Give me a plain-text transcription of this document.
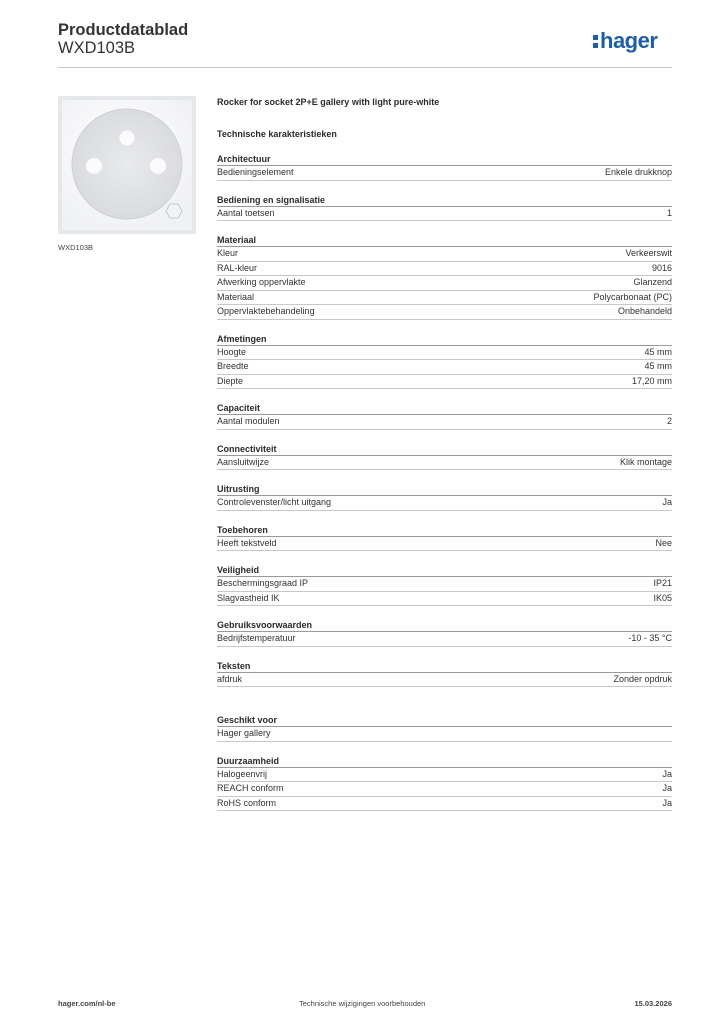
Productdatablad
WXD103B	hager
WXD103B
Rocker for socket 2P+E gallery with light pure-white
Technische karakteristieken
Architectuur
Bedieningselement	Enkele drukknop
Bediening en signalisatie
Aantal toetsen	1
Materiaal
Kleur	Verkeerswit
RAL-kleur	9016
Afwerking oppervlakte	Glanzend
Materiaal	Polycarbonaat (PC)
Oppervlaktebehandeling	Onbehandeld
Afmetingen
Hoogte	45 mm
Breedte	45 mm
Diepte	17,20 mm
Capaciteit
Aantal modulen	2
Connectiviteit
Aansluitwijze	Klik montage
Uitrusting
Controlevenster/licht uitgang	Ja
Toebehoren
Heeft tekstveld	Nee
Veiligheid
Beschermingsgraad IP	IP21
Slagvastheid IK	IK05
Gebruiksvoorwaarden
Bedrijfstemperatuur	-10 - 35 °C
Teksten
afdruk	Zonder opdruk
Geschikt voor
Hager gallery
Duurzaamheid
Halogeenvrij	Ja
REACH conform	Ja
RoHS conform	Ja
hager.com/nl-be	Technische wijzigingen voorbehouden	15.03.2026
